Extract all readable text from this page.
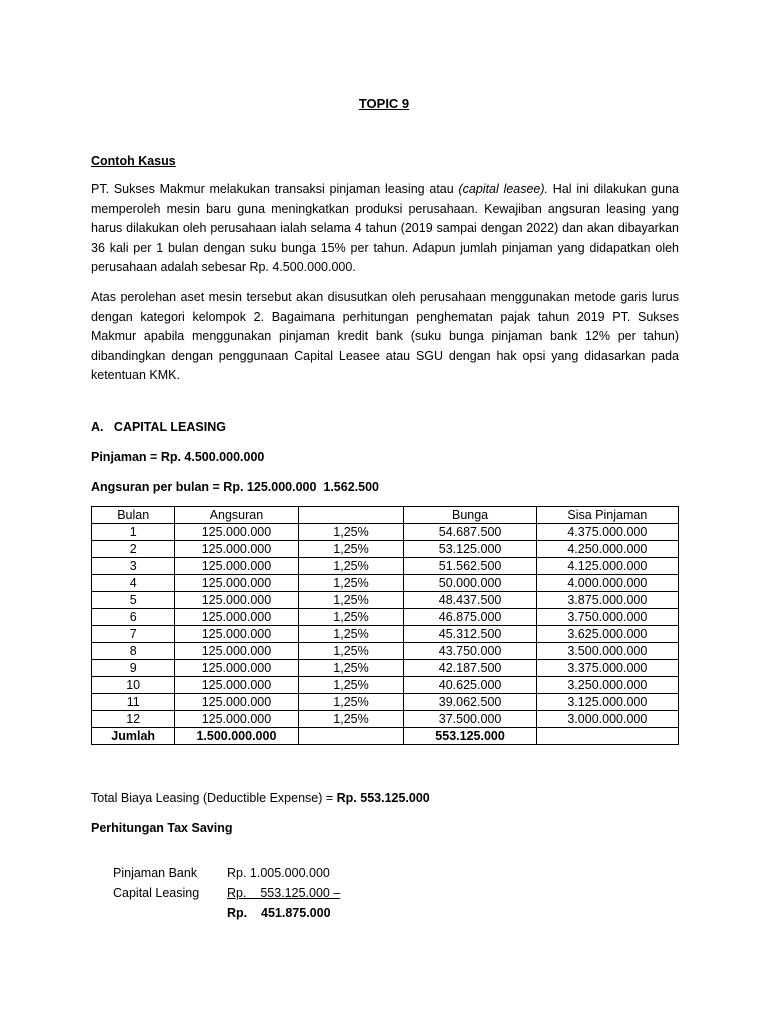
TOPIC 9
Contoh Kasus
PT. Sukses Makmur melakukan transaksi pinjaman leasing atau (capital leasee). Hal ini dilakukan guna memperoleh mesin baru guna meningkatkan produksi perusahaan. Kewajiban angsuran leasing yang harus dilakukan oleh perusahaan ialah selama 4 tahun (2019 sampai dengan 2022) dan akan dibayarkan 36 kali per 1 bulan dengan suku bunga 15% per tahun. Adapun jumlah pinjaman yang didapatkan oleh perusahaan adalah sebesar Rp. 4.500.000.000.
Atas perolehan aset mesin tersebut akan disusutkan oleh perusahaan menggunakan metode garis lurus dengan kategori kelompok 2. Bagaimana perhitungan penghematan pajak tahun 2019 PT. Sukses Makmur apabila menggunakan pinjaman kredit bank (suku bunga pinjaman bank 12% per tahun) dibandingkan dengan penggunaan Capital Leasee atau SGU dengan hak opsi yang didasarkan pada ketentuan KMK.
A.   CAPITAL LEASING
Pinjaman = Rp. 4.500.000.000
Angsuran per bulan = Rp. 125.000.000  1.562.500
Bulan	Angsuran		Bunga	Sisa Pinjaman
1	125.000.000	1,25%	54.687.500	4.375.000.000
2	125.000.000	1,25%	53.125.000	4.250.000.000
3	125.000.000	1,25%	51.562.500	4.125.000.000
4	125.000.000	1,25%	50.000.000	4.000.000.000
5	125.000.000	1,25%	48.437.500	3.875.000.000
6	125.000.000	1,25%	46.875.000	3.750.000.000
7	125.000.000	1,25%	45.312.500	3.625.000.000
8	125.000.000	1,25%	43.750.000	3.500.000.000
9	125.000.000	1,25%	42.187.500	3.375.000.000
10	125.000.000	1,25%	40.625.000	3.250.000.000
11	125.000.000	1,25%	39.062.500	3.125.000.000
12	125.000.000	1,25%	37.500.000	3.000.000.000
Jumlah	1.500.000.000		553.125.000	
Total Biaya Leasing (Deductible Expense) = Rp. 553.125.000
Perhitungan Tax Saving
Pinjaman Bank Rp. 1.005.000.000
Capital Leasing Rp.    553.125.000 –
Rp.    451.875.000
